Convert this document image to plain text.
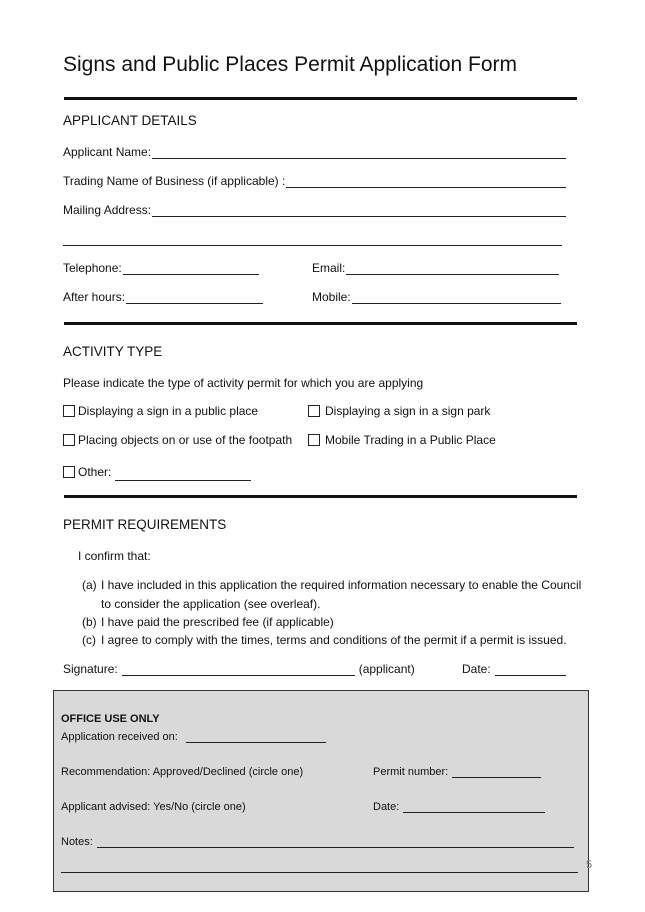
Signs and Public Places Permit Application Form
APPLICANT DETAILS
Applicant Name:
Trading Name of Business (if applicable) :
Mailing Address:
Telephone:	Email:
After hours:	Mobile:
ACTIVITY TYPE
Please indicate the type of activity permit for which you are applying
Displaying a sign in a public place	Displaying a sign in a sign park
Placing objects on or use of the footpath	Mobile Trading in a Public Place
Other:
PERMIT REQUIREMENTS
I confirm that:
(a) I have included in this application the required information necessary to enable the Council
to consider the application (see overleaf).
(b) I have paid the prescribed fee (if applicable)
(c) I agree to comply with the times, terms and conditions of the permit if a permit is issued.
Signature:	(applicant)	Date:
OFFICE USE ONLY
Application received on:
Recommendation: Approved/Declined (circle one)	Permit number:
Applicant advised: Yes/No (circle one)	Date:
Notes:
5
